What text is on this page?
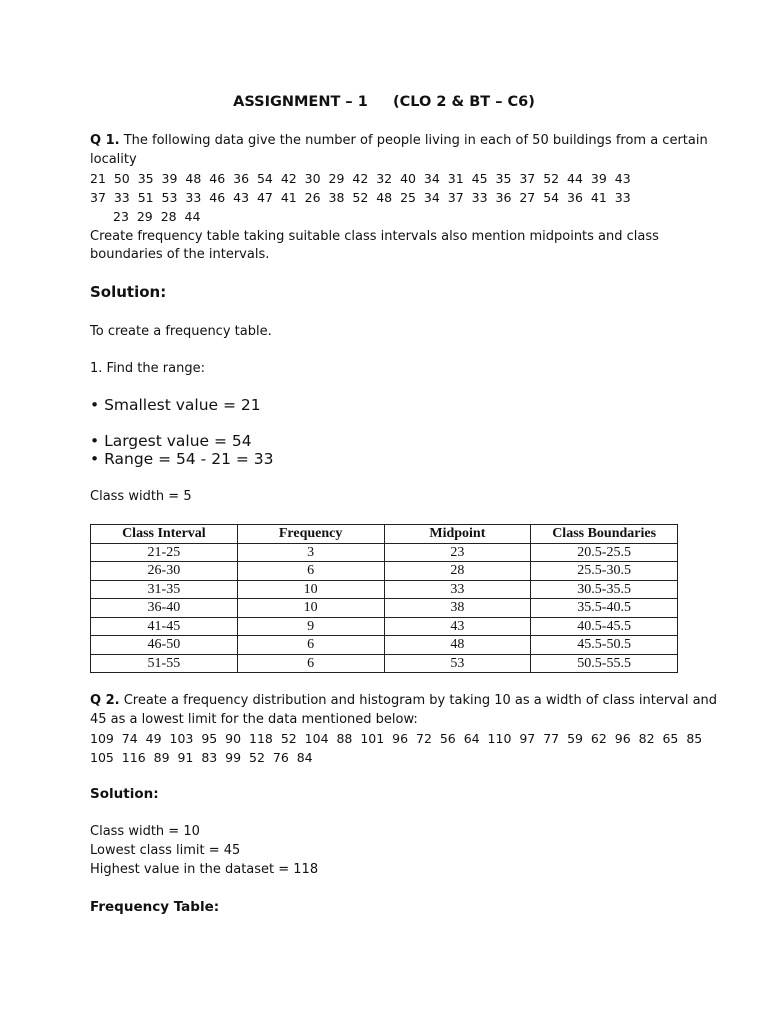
ASSIGNMENT – 1     (CLO 2 & BT – C6)
Q 1. The following data give the number of people living in each of 50 buildings from a certain
locality
21  50  35  39  48  46  36  54  42  30  29  42  32  40  34  31  45  35  37  52  44  39  43
37  33  51  53  33  46  43  47  41  26  38  52  48  25  34  37  33  36  27  54  36  41  33
23  29  28  44
Create frequency table taking suitable class intervals also mention midpoints and class
boundaries of the intervals.
Solution:
To create a frequency table.
1. Find the range:
• Smallest value = 21
• Largest value = 54
• Range = 54 - 21 = 33
Class width = 5
Class Interval	Frequency	Midpoint	Class Boundaries
21-25	3	23	20.5-25.5
26-30	6	28	25.5-30.5
31-35	10	33	30.5-35.5
36-40	10	38	35.5-40.5
41-45	9	43	40.5-45.5
46-50	6	48	45.5-50.5
51-55	6	53	50.5-55.5
Q 2. Create a frequency distribution and histogram by taking 10 as a width of class interval and
45 as a lowest limit for the data mentioned below:
109  74  49  103  95  90  118  52  104  88  101  96  72  56  64  110  97  77  59  62  96  82  65  85
105  116  89  91  83  99  52  76  84
Solution:
Class width = 10
Lowest class limit = 45
Highest value in the dataset = 118
Frequency Table:
